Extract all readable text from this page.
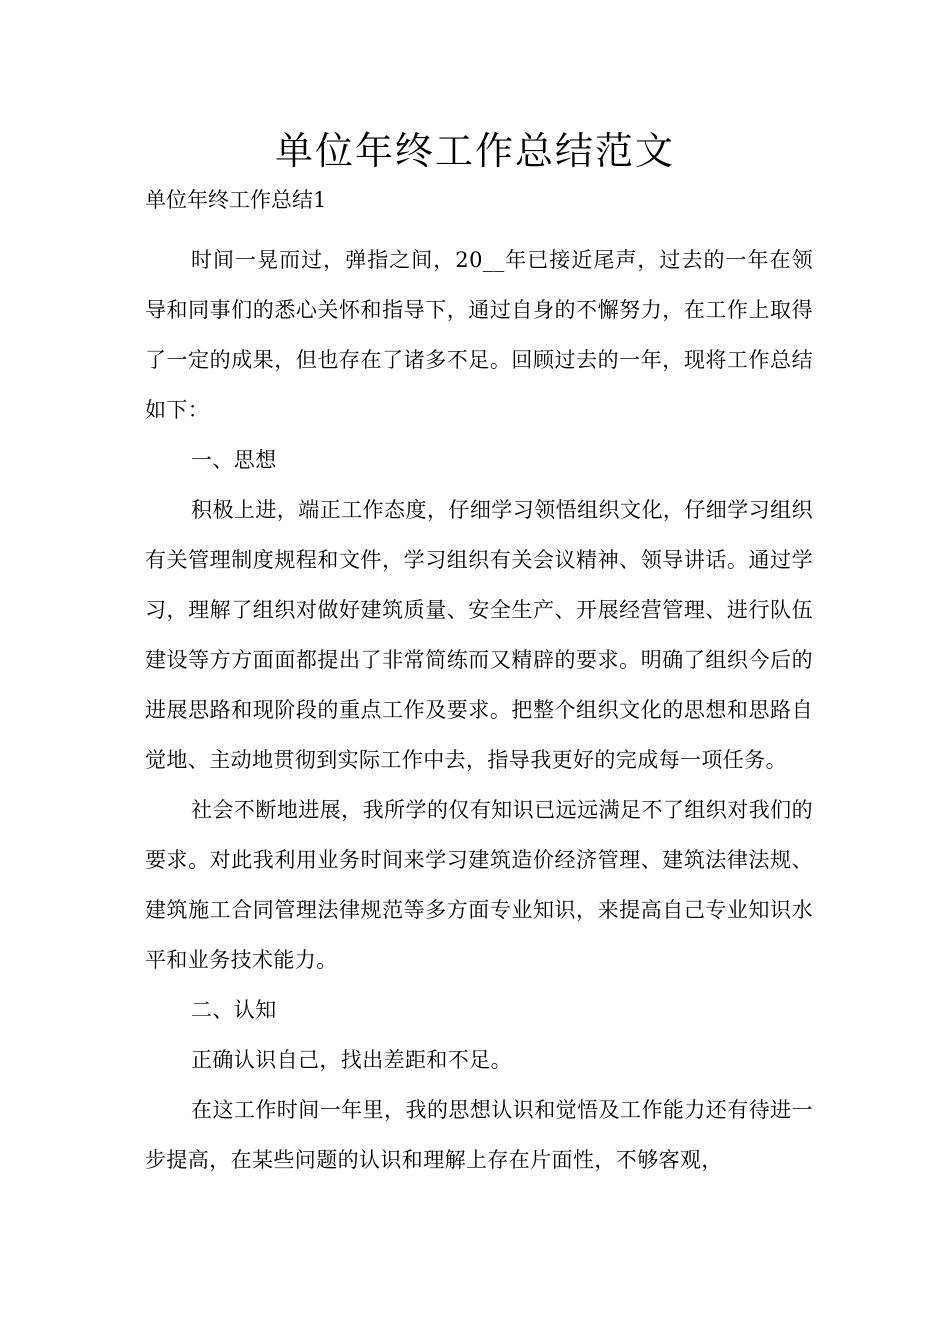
单位年终工作总结范文
单位年终工作总结1

时间一晃而过，弹指之间，20__年已接近尾声，过去的一年在领导和同事们的悉心关怀和指导下，通过自身的不懈努力，在工作上取得了一定的成果，但也存在了诸多不足。回顾过去的一年，现将工作总结如下：

一、思想

积极上进，端正工作态度，仔细学习领悟组织文化，仔细学习组织有关管理制度规程和文件，学习组织有关会议精神、领导讲话。通过学习，理解了组织对做好建筑质量、安全生产、开展经营管理、进行队伍建设等方方面面都提出了非常简练而又精辟的要求。明确了组织今后的进展思路和现阶段的重点工作及要求。把整个组织文化的思想和思路自觉地、主动地贯彻到实际工作中去，指导我更好的完成每一项任务。

社会不断地进展，我所学的仅有知识已远远满足不了组织对我们的要求。对此我利用业务时间来学习建筑造价经济管理、建筑法律法规、建筑施工合同管理法律规范等多方面专业知识，来提高自己专业知识水平和业务技术能力。

二、认知

正确认识自己，找出差距和不足。

在这工作时间一年里，我的思想认识和觉悟及工作能力还有待进一步提高，在某些问题的认识和理解上存在片面性，不够客观，
